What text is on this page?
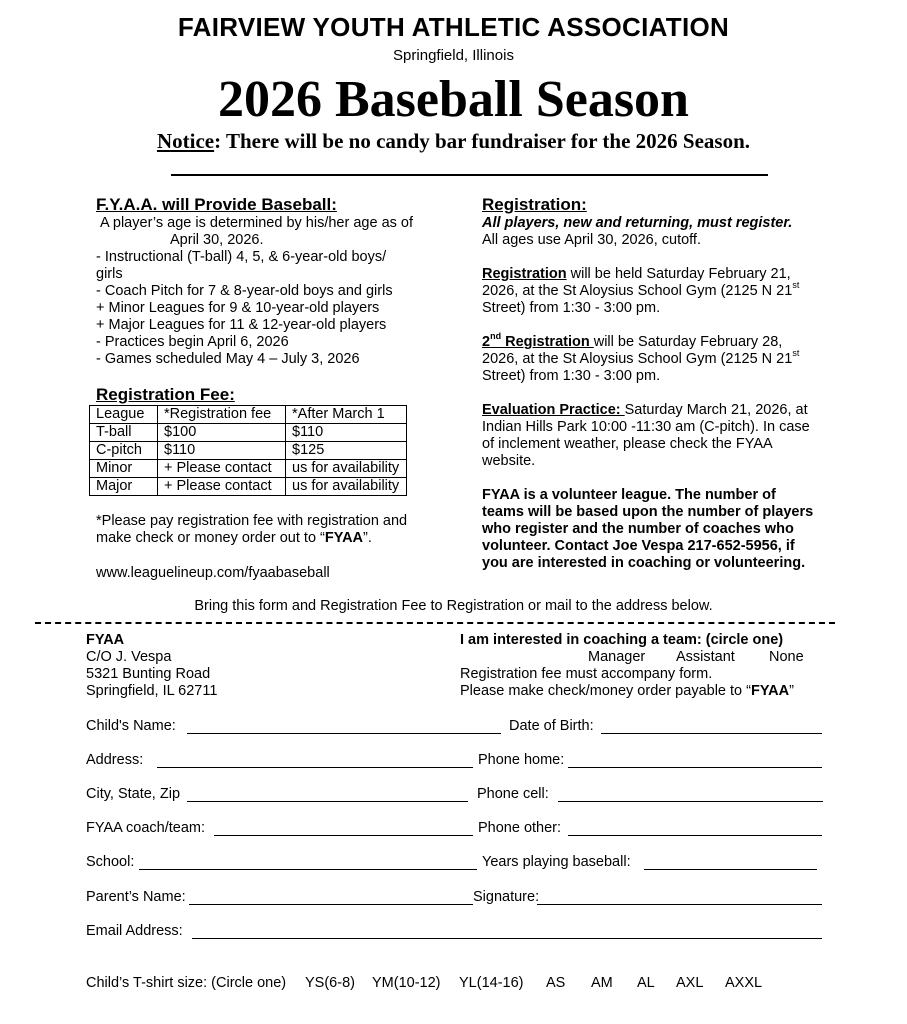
FAIRVIEW YOUTH ATHLETIC ASSOCIATION
Springfield, Illinois
2026 Baseball Season
Notice: There will be no candy bar fundraiser for the 2026 Season.
F.Y.A.A. will Provide Baseball:
A player’s age is determined by his/her age as of
April 30, 2026.
- Instructional (T-ball) 4, 5, & 6-year-old boys/
girls
- Coach Pitch for 7 & 8-year-old boys and girls
+ Minor Leagues for 9 & 10-year-old players
+ Major Leagues for 11 & 12-year-old players
- Practices begin April 6, 2026
- Games scheduled May 4 – July 3, 2026
Registration Fee:
League	*Registration fee	*After March 1
T-ball	$100	$110
C-pitch	$110	$125
Minor	+ Please contact	us for availability
Major	+ Please contact	us for availability
*Please pay registration fee with registration and
make check or money order out to “FYAA”.
www.leaguelineup.com/fyaabaseball
Registration:
All players, new and returning, must register.
All ages use April 30, 2026, cutoff.
Registration will be held Saturday February 21,
2026, at the St Aloysius School Gym (2125 N 21st
Street) from 1:30 - 3:00 pm.
2nd Registration will be Saturday February 28,
2026, at the St Aloysius School Gym (2125 N 21st
Street) from 1:30 - 3:00 pm.
Evaluation Practice: Saturday March 21, 2026, at
Indian Hills Park 10:00 -11:30 am (C-pitch). In case
of inclement weather, please check the FYAA
website.
FYAA is a volunteer league. The number of
teams will be based upon the number of players
who register and the number of coaches who
volunteer. Contact Joe Vespa 217-652-5956, if
you are interested in coaching or volunteering.
Bring this form and Registration Fee to Registration or mail to the address below.
FYAA
C/O J. Vespa
5321 Bunting Road
Springfield, IL 62711
I am interested in coaching a team: (circle one)
Manager Assistant None
Registration fee must accompany form.
Please make check/money order payable to “FYAA”
Child's Name:	Date of Birth:
Address:	Phone home:
City, State, Zip	Phone cell:
FYAA coach/team:	Phone other:
School:	Years playing baseball:
Parent’s Name:	Signature:
Email Address:
Child’s T-shirt size: (Circle one) YS(6-8) YM(10-12) YL(14-16) AS AM AL AXL AXXL
